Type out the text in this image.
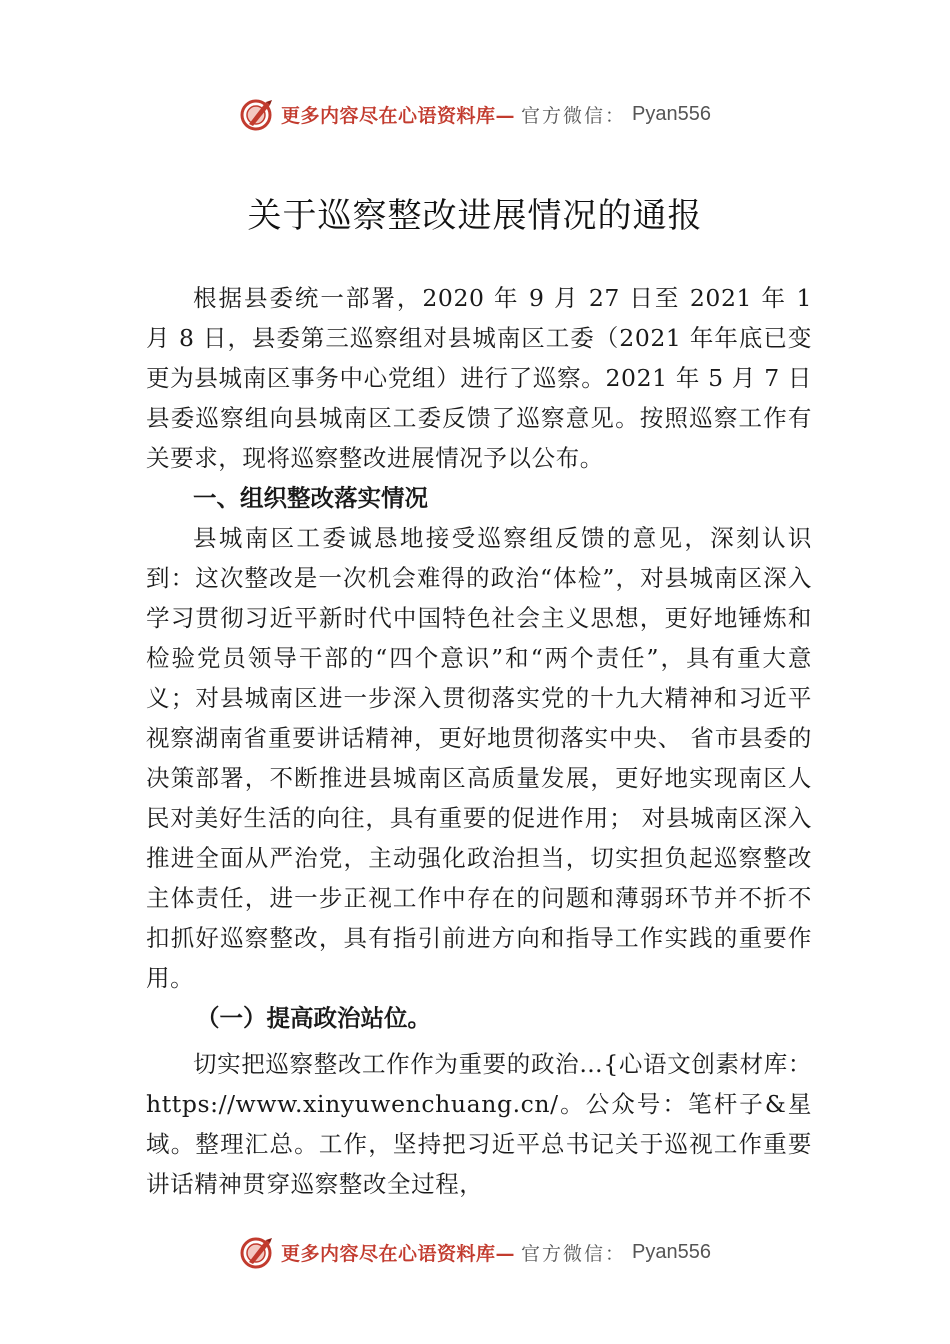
更多内容尽在心语资料库— 官方微信： Pyan556
关于巡察整改进展情况的通报

根据县委统一部署，2020 年 9 月 27 日至 2021 年 1 月 8 日，县委第三巡察组对县城南区工委（2021 年年底已变更为县城南区事务中心党组）进行了巡察。2021 年 5 月 7 日县委巡察组向县城南区工委反馈了巡察意见。按照巡察工作有关要求，现将巡察整改进展情况予以公布。

一、组织整改落实情况

县城南区工委诚恳地接受巡察组反馈的意见，深刻认识到：这次整改是一次机会难得的政治“体检”，对县城南区深入学习贯彻习近平新时代中国特色社会主义思想，更好地锤炼和检验党员领导干部的“四个意识”和“两个责任”，具有重大意义；对县城南区进一步深入贯彻落实党的十九大精神和习近平视察湖南省重要讲话精神，更好地贯彻落实中央、 省市县委的决策部署，不断推进县城南区高质量发展，更好地实现南区人民对美好生活的向往，具有重要的促进作用； 对县城南区深入推进全面从严治党，主动强化政治担当，切实担负起巡察整改主体责任，进一步正视工作中存在的问题和薄弱环节并不折不扣抓好巡察整改，具有指引前进方向和指导工作实践的重要作用。

（一）提高政治站位。

切实把巡察整改工作作为重要的政治…{心语文创素材库：https://www.xinyuwenchuang.cn/。公众号：笔杆子&星域。整理汇总。工作，坚持把习近平总书记关于巡视工作重要讲话精神贯穿巡察整改全过程，

更多内容尽在心语资料库— 官方微信： Pyan556
